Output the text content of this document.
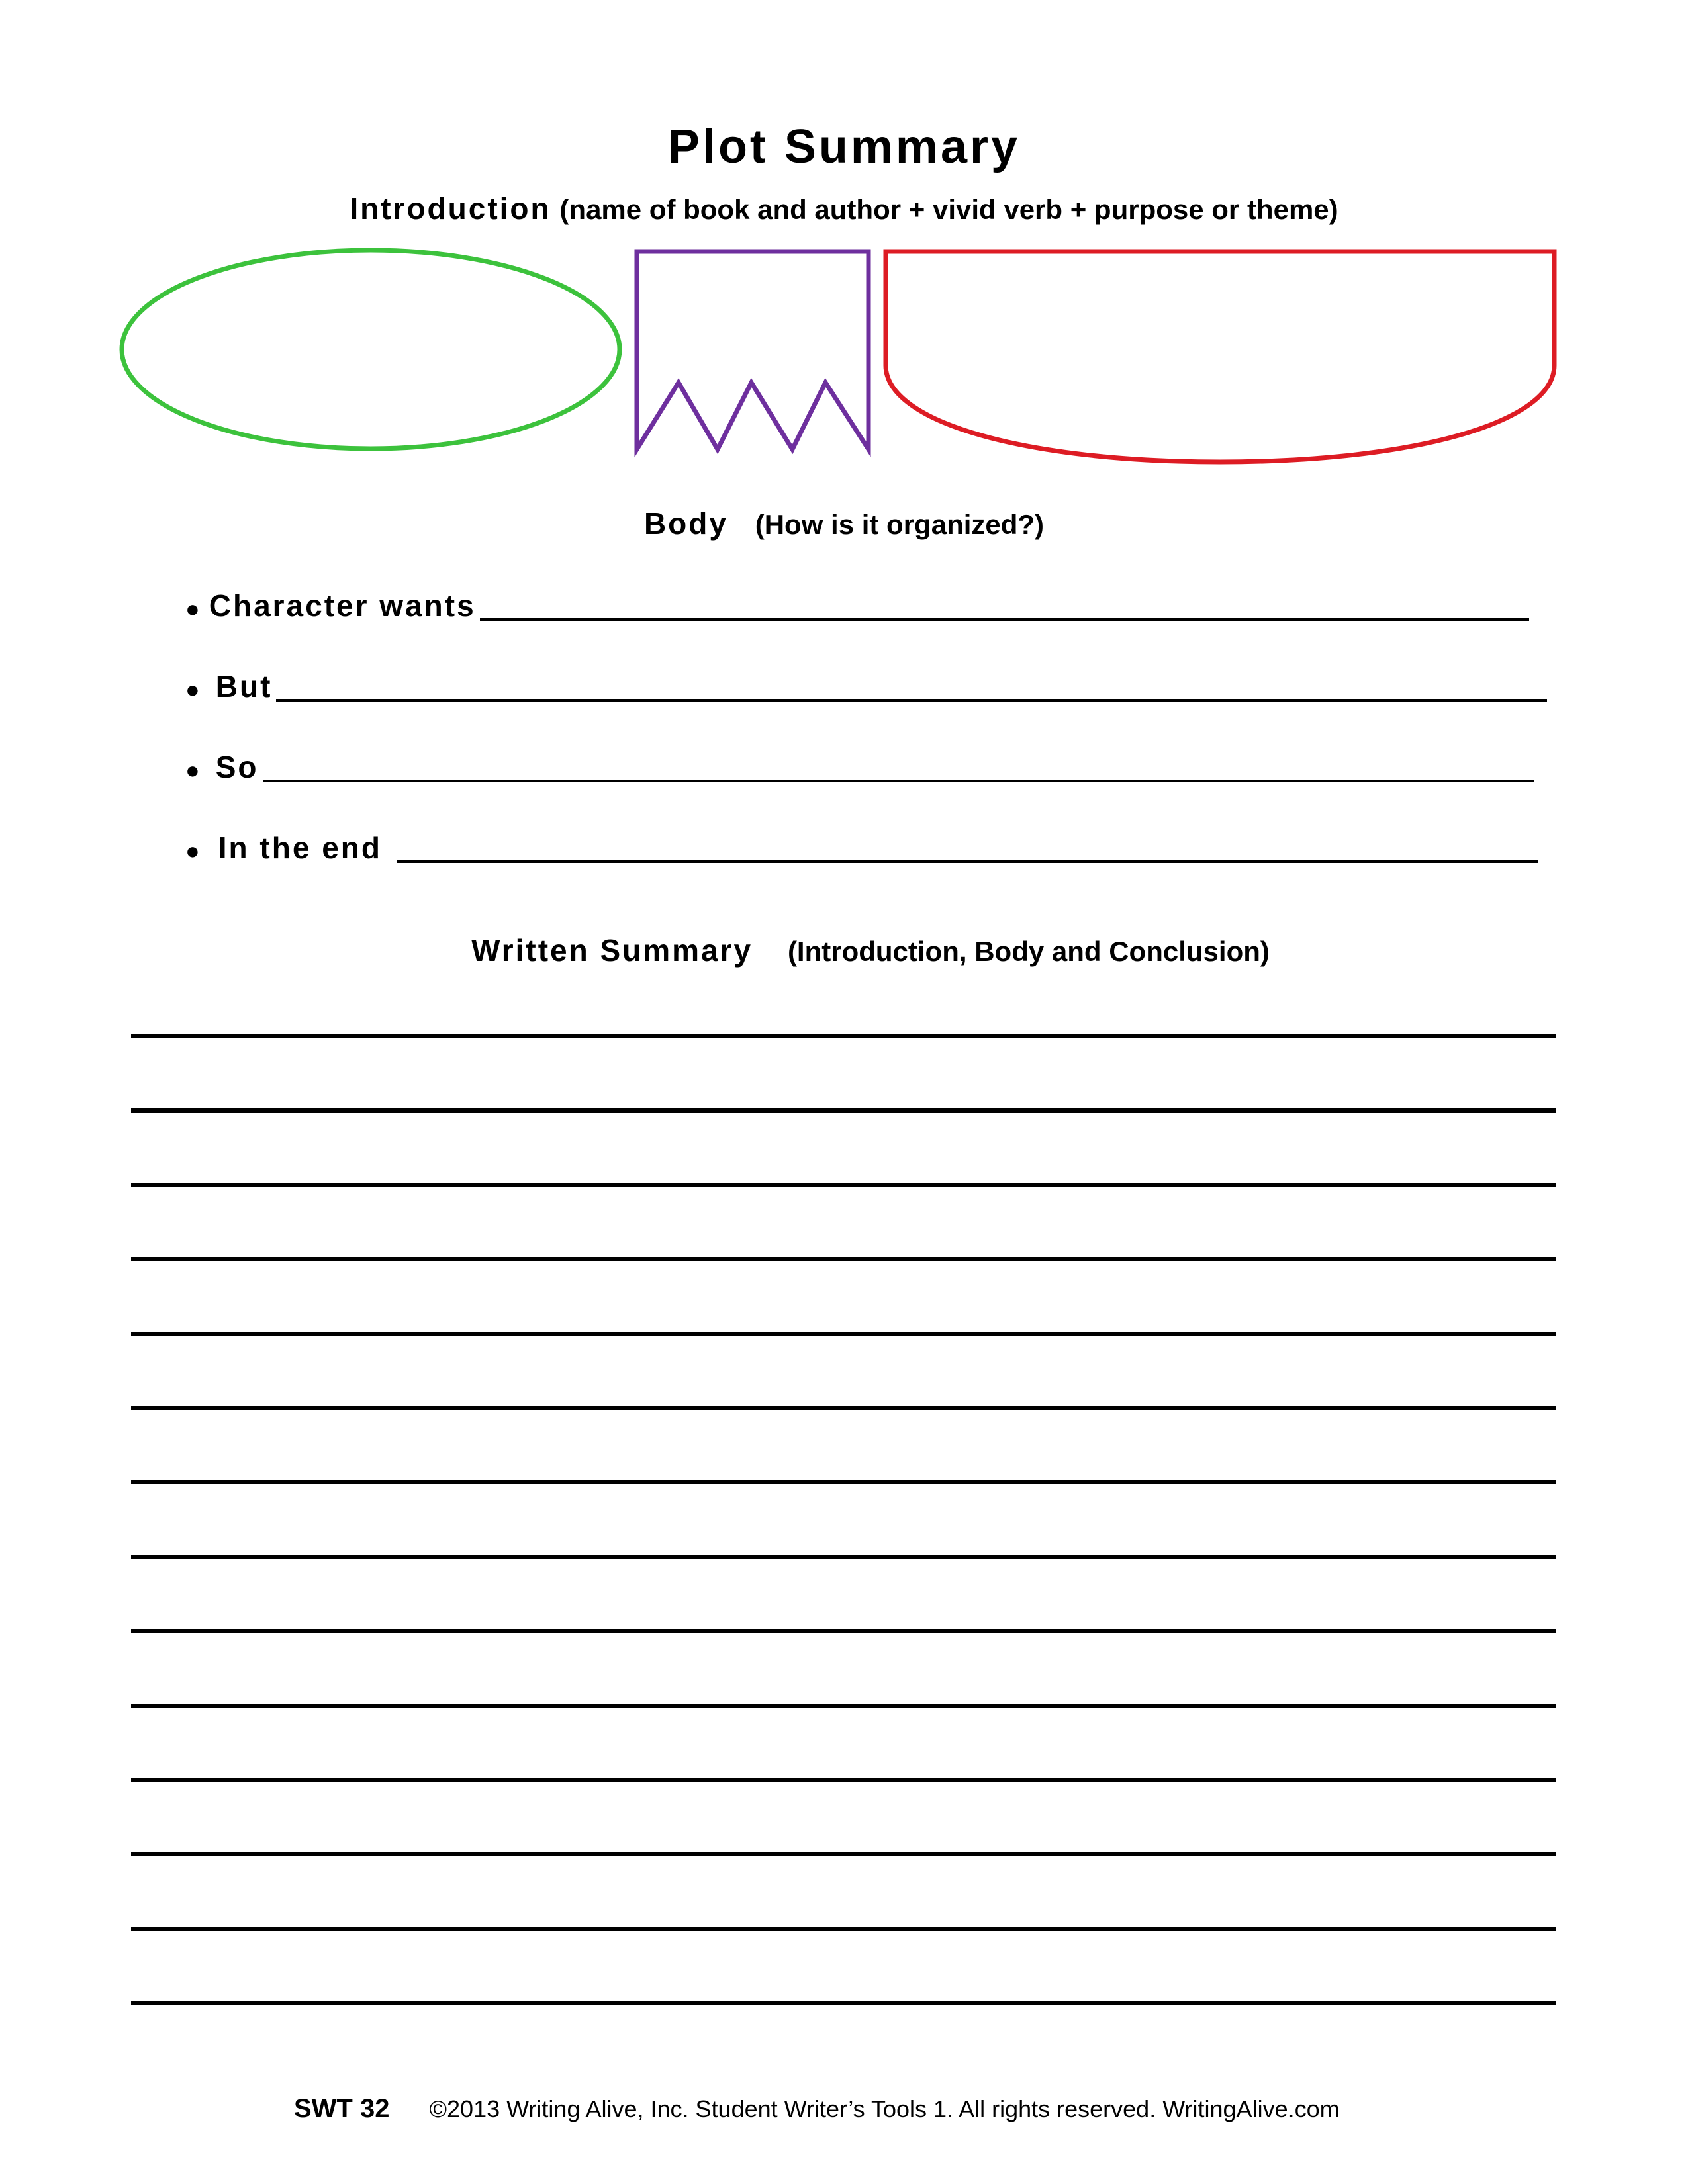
Plot Summary
Introduction (name of book and author + vivid verb + purpose or theme)
Body (How is it organized?)
● Character wants
● But
● So
● In the end
Written Summary (Introduction, Body and Conclusion)
SWT 32 ©2013 Writing Alive, Inc. Student Writer’s Tools 1. All rights reserved. WritingAlive.com
